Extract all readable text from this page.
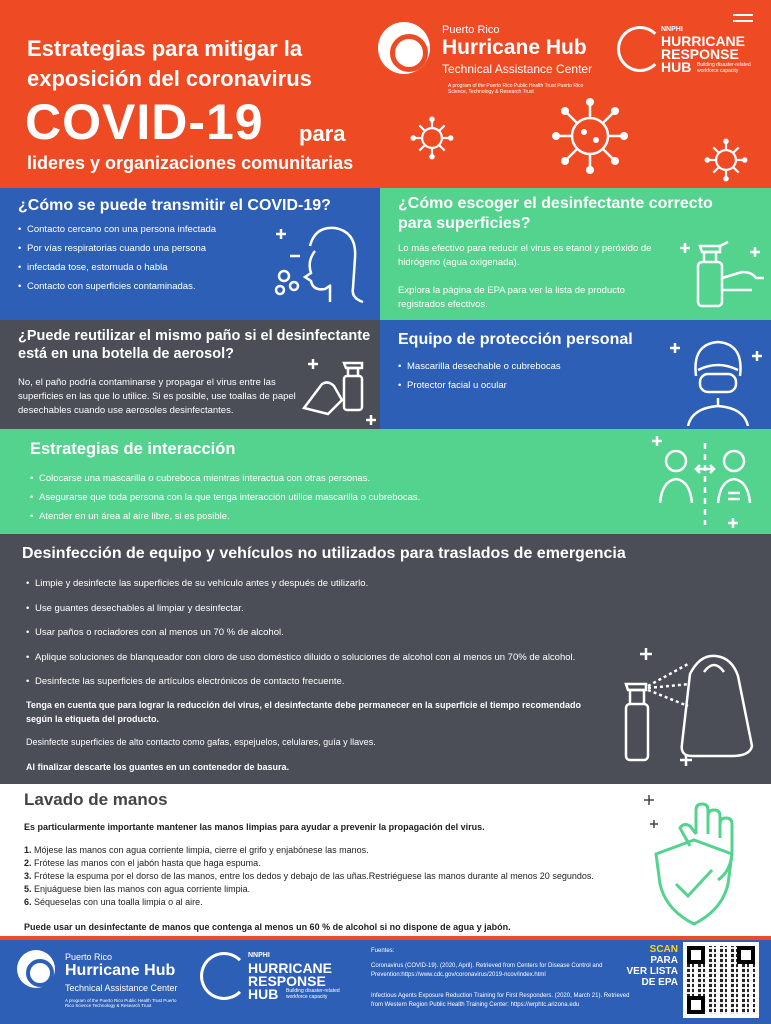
Estrategias para mitigar la
exposición del coronavirus
COVID-19 para
lideres y organizaciones comunitarias
Puerto Rico
Hurricane Hub
Technical Assistance Center
A program of the Puerto Rico Public Health Trust Puerto Rico Science, Technology & Research Trust
NNPHI
HURRICANE
RESPONSE
HUB Building disaster-related workforce capacity
¿Cómo se puede transmitir el COVID-19?
• Contacto cercano con una persona infectada
• Por vías respiratorias cuando una persona
• infectada tose, estornuda o habla
• Contacto con superficies contaminadas.
¿Cómo escoger el desinfectante correcto
para superficies?
Lo más efectivo para reducir el virus es etanol y peróxido de hidrógeno (agua oxigenada).
Explora la página de EPA para ver la lista de producto registrados efectivos.
¿Puede reutilizar el mismo paño si el desinfectante
está en una botella de aerosol?
No, el paño podría contaminarse y propagar el virus entre las superficies en las que lo utilice. Si es posible, use toallas de papel desechables cuando use aerosoles desinfectantes.
Equipo de protección personal
• Mascarilla desechable o cubrebocas
• Protector facial u ocular
Estrategias de interacción
• Colocarse una mascarilla o cubreboca mientras interactua con otras personas.
• Asegurarse que toda persona con la que tenga interacción utilice mascarilla o cubrebocas.
• Atender en un área al aire libre, si es posible.
Desinfección de equipo y vehículos no utilizados para traslados de emergencia
• Limpie y desinfecte las superficies de su vehículo antes y después de utilizarlo.
• Use guantes desechables al limpiar y desinfectar.
• Usar paños o rociadores con al menos un 70 % de alcohol.
• Aplique soluciones de blanqueador con cloro de uso doméstico diluido o soluciones de alcohol con al menos un 70% de alcohol.
• Desinfecte las superficies de artículos electrónicos de contacto frecuente.
Tenga en cuenta que para lograr la reducción del virus, el desinfectante debe permanecer en la superficie el tiempo recomendado según la etiqueta del producto.
Desinfecte superficies de alto contacto como gafas, espejuelos, celulares, guía y llaves.
Al finalizar descarte los guantes en un contenedor de basura.
Lavado de manos
Es particularmente importante mantener las manos limpias para ayudar a prevenir la propagación del virus.
1. Mójese las manos con agua corriente limpia, cierre el grifo y enjabónese las manos.
2. Frótese las manos con el jabón hasta que haga espuma.
3. Frótese la espuma por el dorso de las manos, entre los dedos y debajo de las uñas.Restriéguese las manos durante al menos 20 segundos.
5. Enjuáguese bien las manos con agua corriente limpia.
6. Séqueselas con una toalla limpia o al aire.
Puede usar un desinfectante de manos que contenga al menos un 60 % de alcohol si no dispone de agua y jabón.
Puerto Rico
Hurricane Hub
Technical Assistance Center
A program of the Puerto Rico Public Health Trust Puerto Rico Science Technology & Research Trust
NNPHI
HURRICANE
RESPONSE
HUB Building disaster-related workforce capacity
Fuentes:
Coronavirus (COVID-19). (2020, April). Retrieved from Centers for Disease Control and Prevention:https://www.cdc.gov/coronavirus/2019-ncov/index.html
Infectious Agents Exposure Reduction Training for First Responders. (2020, March 21). Retrieved from Western Region Public Health Training Center: https://wrphtc.arizona.edu
SCAN PARA
VER LISTA
DE EPA
